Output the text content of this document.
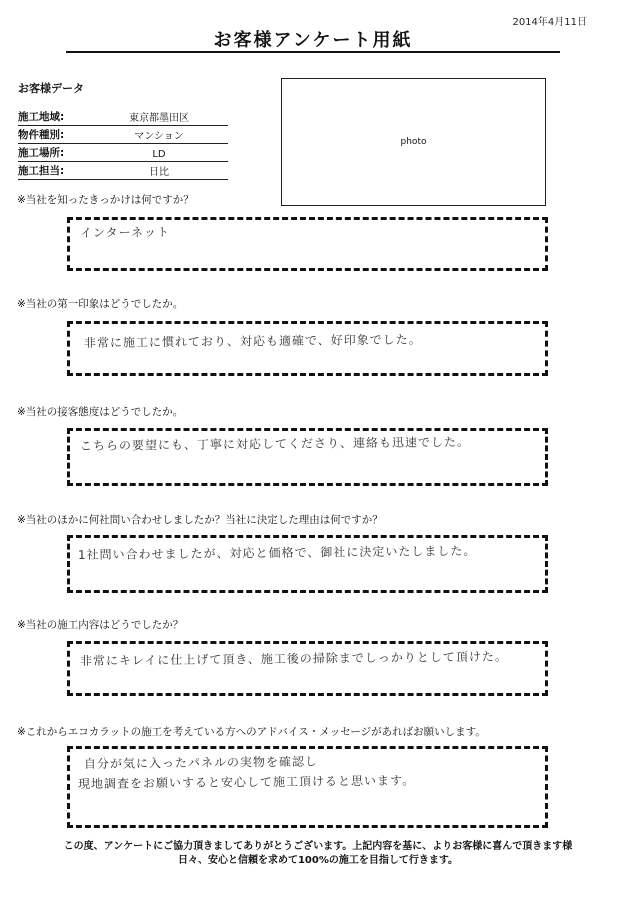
2014年4月11日
お客様アンケート用紙
お客様データ
施工地域:	東京都墨田区
物件種別:	マンション
施工場所:	LD
施工担当:	日比
photo
※当社を知ったきっかけは何ですか？
インターネット
※当社の第一印象はどうでしたか。
非常に施工に慣れており、対応も適確で、好印象でした。
※当社の接客態度はどうでしたか。
こちらの要望にも、丁寧に対応してくださり、連絡も迅速でした。
※当社のほかに何社問い合わせしましたか？当社に決定した理由は何ですか？
1社問い合わせましたが、対応と価格で、御社に決定いたしました。
※当社の施工内容はどうでしたか？
非常にキレイに仕上げて頂き、施工後の掃除までしっかりとして頂けた。
※これからエコカラットの施工を考えている方へのアドバイス・メッセージがあればお願いします。
自分が気に入ったパネルの実物を確認し
現地調査をお願いすると安心して施工頂けると思います。
この度、アンケートにご協力頂きましてありがとうございます。上記内容を基に、よりお客様に喜んで頂きます様
日々、安心と信頼を求めて100%の施工を目指して行きます。
